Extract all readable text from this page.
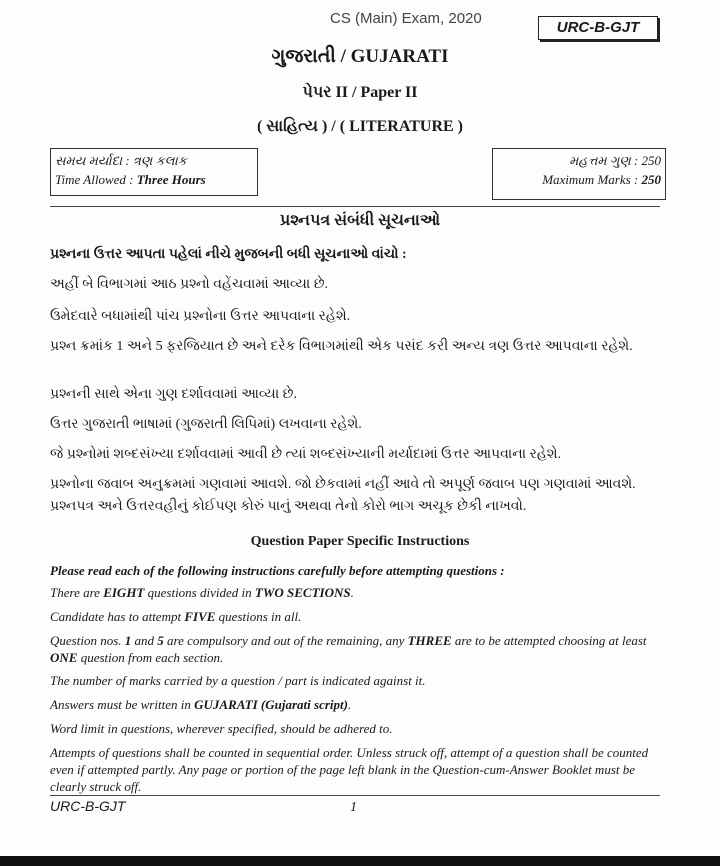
CS (Main) Exam, 2020
URC-B-GJT
ગુજરાતી / GUJARATI
પેપર II / Paper II
( સાહિત્ય ) / ( LITERATURE )
સમય મર્યાદા : ત્રણ કલાક
Time Allowed : Three Hours
મહત્તમ ગુણ : 250
Maximum Marks : 250
પ્રશ્નપત્ર સંબંધી સૂચનાઓ
પ્રશ્નના ઉત્તર આપતા પહેલાં નીચે મુજબની બધી સૂચનાઓ વાંચો :
અહીં બે વિભાગમાં આઠ પ્રશ્નો વહેંચવામાં આવ્યા છે.
ઉમેદવારે બધામાંથી પાંચ પ્રશ્નોના ઉત્તર આપવાના રહેશે.
પ્રશ્ન ક્રમાંક 1 અને 5 ફરજિયાત છે અને દરેક વિભાગમાંથી એક પસંદ કરી અન્ય ત્રણ ઉત્તર આપવાના રહેશે.
પ્રશ્નની સાથે એના ગુણ દર્શાવવામાં આવ્યા છે.
ઉત્તર ગુજરાતી ભાષામાં (ગુજરાતી લિપિમાં) લખવાના રહેશે.
જે પ્રશ્નોમાં શબ્દસંખ્યા દર્શાવવામાં આવી છે ત્યાં શબ્દસંખ્યાની મર્યાદામાં ઉત્તર આપવાના રહેશે.
પ્રશ્નોના જવાબ અનુક્રમમાં ગણવામાં આવશે. જો છેકવામાં નહીં આવે તો અપૂર્ણ જવાબ પણ ગણવામાં આવશે. પ્રશ્નપત્ર અને ઉત્તરવહીનું કોઈપણ કોરું પાનું અથવા તેનો કોરો ભાગ અચૂક છેકી નાખવો.
Question Paper Specific Instructions
Please read each of the following instructions carefully before attempting questions :
There are EIGHT questions divided in TWO SECTIONS.
Candidate has to attempt FIVE questions in all.
Question nos. 1 and 5 are compulsory and out of the remaining, any THREE are to be attempted choosing at least ONE question from each section.
The number of marks carried by a question / part is indicated against it.
Answers must be written in GUJARATI (Gujarati script).
Word limit in questions, wherever specified, should be adhered to.
Attempts of questions shall be counted in sequential order. Unless struck off, attempt of a question shall be counted even if attempted partly. Any page or portion of the page left blank in the Question-cum-Answer Booklet must be clearly struck off.
URC-B-GJT	1
